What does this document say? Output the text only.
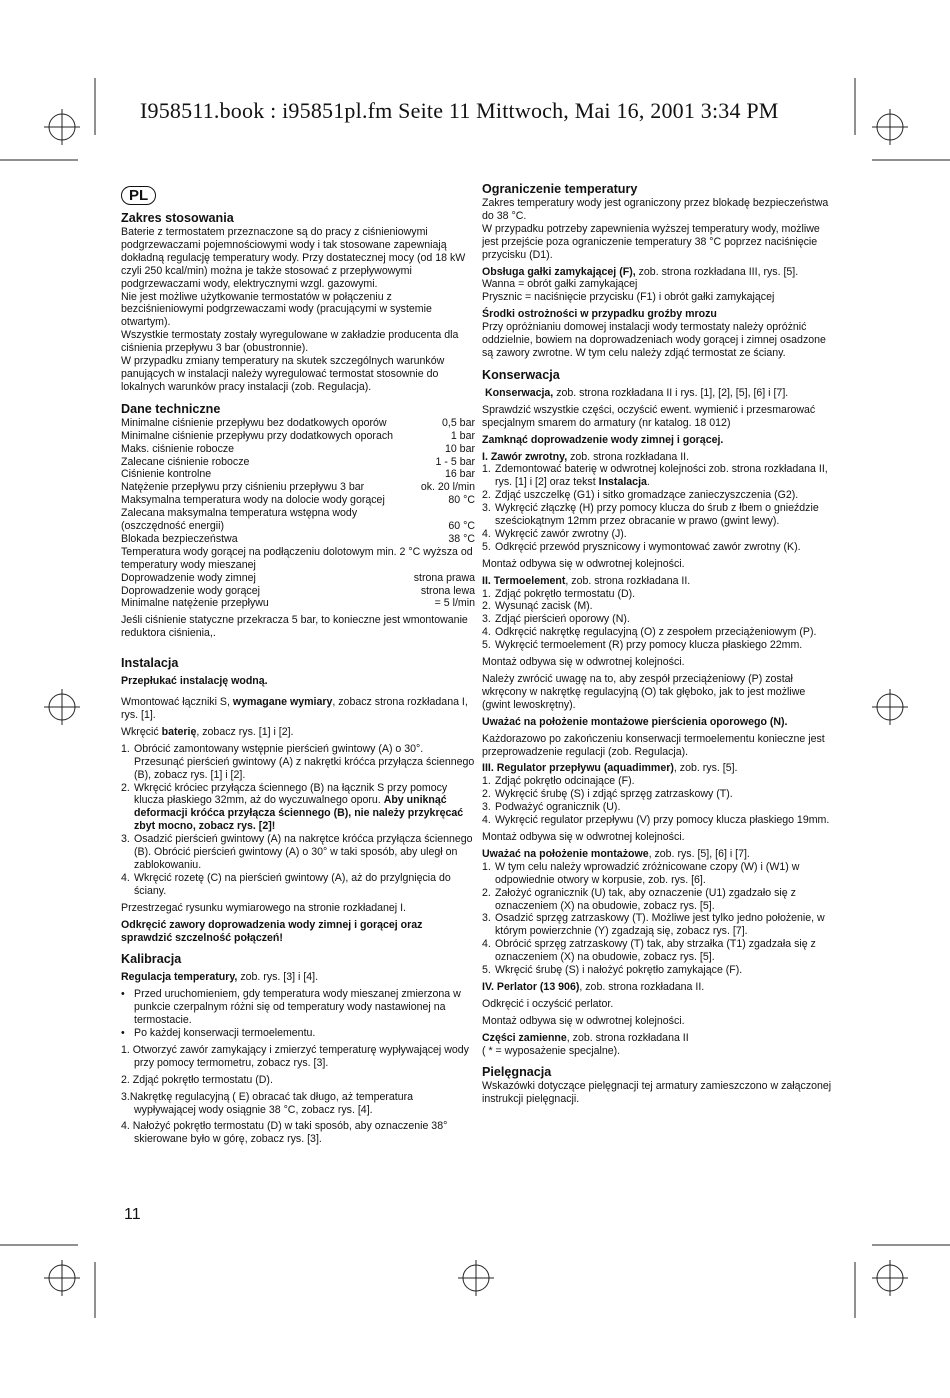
I958511.book : i95851pl.fm Seite 11 Mittwoch, Mai 16, 2001 3:34 PM
PL
Zakres stosowania

Baterie z termostatem przeznaczone są do pracy z ciśnieniowymi podgrzewaczami pojemnościowymi wody i tak stosowane zapewniają dokładną regulację temperatury wody. Przy dostatecznej mocy (od 18 kW czyli 250 kcal/min) można je także stosować z przepływowymi podgrzewaczami wody, elektrycznymi wzgl. gazowymi.

Nie jest możliwe użytkowanie termostatów w połączeniu z bezciśnieniowymi podgrzewaczami wody (pracującymi w systemie otwartym).

Wszystkie termostaty zostały wyregulowane w zakładzie producenta dla ciśnienia przepływu 3 bar (obustronnie).

W przypadku zmiany temperatury na skutek szczególnych warunków panujących w instalacji należy wyregulować termostat stosownie do lokalnych warunków pracy instalacji (zob. Regulacja).

Dane techniczne
Minimalne ciśnienie przepływu bez dodatkowych oporów	0,5 bar
Minimalne ciśnienie przepływu przy dodatkowych oporach	1 bar
Maks. ciśnienie robocze	10 bar
Zalecane ciśnienie robocze	1 - 5 bar
Ciśnienie kontrolne	16 bar
Natężenie przepływu przy ciśnieniu przepływu 3 bar	ok. 20 l/min
Maksymalna temperatura wody na dolocie wody gorącej	80 °C
Zalecana maksymalna temperatura wstępna wody (oszczędność energii)	60 °C
Blokada bezpieczeństwa	38 °C
Temperatura wody gorącej na podłączeniu dolotowym min. 2 °C wyższa od temperatury wody mieszanej
Doprowadzenie wody zimnej	strona prawa
Doprowadzenie wody gorącej	strona lewa
Minimalne natężenie przepływu	= 5 l/min

Jeśli ciśnienie statyczne przekracza 5 bar, to konieczne jest wmontowanie reduktora ciśnienia,.

Instalacja

Przepłukać instalację wodną.

Wmontować łączniki S, wymagane wymiary, zobacz strona rozkładana I, rys. [1].

Wkręcić baterię, zobacz rys. [1] i [2].

1. Obrócić zamontowany wstępnie pierścień gwintowy (A) o 30°. Przesunąć pierścień gwintowy (A) z nakrętki króćca przyłącza ściennego (B), zobacz rys. [1] i [2].
2. Wkręcić króciec przyłącza ściennego (B) na łącznik S przy pomocy klucza płaskiego 32mm, aż do wyczuwalnego oporu. Aby uniknąć deformacji króćca przyłącza ściennego (B), nie należy przykręcać zbyt mocno, zobacz rys. [2]!
3. Osadzić pierścień gwintowy (A) na nakrętce króćca przyłącza ściennego (B). Obrócić pierścień gwintowy (A) o 30° w taki sposób, aby uległ on zablokowaniu.
4. Wkręcić rozetę (C) na pierścień gwintowy (A), aż do przylgnięcia do ściany.

Przestrzegać rysunku wymiarowego na stronie rozkładanej I.

Odkręcić zawory doprowadzenia wody zimnej i gorącej oraz sprawdzić szczelność połączeń!

Kalibracja

Regulacja temperatury, zob. rys. [3] i [4].

• Przed uruchomieniem, gdy temperatura wody mieszanej zmierzona w punkcie czerpalnym różni się od temperatury wody nastawionej na termostacie.
• Po każdej konserwacji termoelementu.

1. Otworzyć zawór zamykający i zmierzyć temperaturę wypływającej wody przy pomocy termometru, zobacz rys. [3].

2. Zdjąć pokrętło termostatu (D).

3.Nakrętkę regulacyjną ( E) obracać tak długo, aż temperatura wypływającej wody osiągnie 38 °C, zobacz rys. [4].

4. Nałożyć pokrętło termostatu (D) w taki sposób, aby oznaczenie 38° skierowane było w górę, zobacz rys. [3].

Ograniczenie temperatury

Zakres temperatury wody jest ograniczony przez blokadę bezpieczeństwa do 38 °C.

W przypadku potrzeby zapewnienia wyższej temperatury wody, możliwe jest przejście poza ograniczenie temperatury 38 °C poprzez naciśnięcie przycisku (D1).

Obsługa gałki zamykającej (F), zob. strona rozkładana III, rys. [5].

Wanna = obrót gałki zamykającej

Prysznic = naciśnięcie przycisku (F1) i obrót gałki zamykającej

Środki ostrożności w przypadku groźby mrozu

Przy opróżnianiu domowej instalacji wody termostaty należy opróżnić oddzielnie, bowiem na doprowadzeniach wody gorącej i zimnej osadzone są zawory zwrotne. W tym celu należy zdjąć termostat ze ściany.

Konserwacja

Konserwacja, zob. strona rozkładana II i rys. [1], [2], [5], [6] i [7].

Sprawdzić wszystkie części, oczyścić ewent. wymienić i przesmarować specjalnym smarem do armatury (nr katalog. 18 012)

Zamknąć doprowadzenie wody zimnej i gorącej.

I. Zawór zwrotny, zob. strona rozkładana II.

1. Zdemontować baterię w odwrotnej kolejności zob. strona rozkładana II, rys. [1] i [2] oraz tekst Instalacja.
2. Zdjąć uszczelkę (G1) i sitko gromadzące zanieczyszczenia (G2).
3. Wykręcić złączkę (H) przy pomocy klucza do śrub z łbem o gnieździe sześciokątnym 12mm przez obracanie w prawo (gwint lewy).
4. Wykręcić zawór zwrotny (J).
5. Odkręcić przewód prysznicowy i wymontować zawór zwrotny (K).

Montaż odbywa się w odwrotnej kolejności.

II. Termoelement, zob. strona rozkładana II.

1. Zdjąć pokrętło termostatu (D).
2. Wysunąć zacisk (M).
3. Zdjąć pierścień oporowy (N).
4. Odkręcić nakrętkę regulacyjną (O) z zespołem przeciążeniowym (P).
5. Wykręcić termoelement (R) przy pomocy klucza płaskiego 22mm.

Montaż odbywa się w odwrotnej kolejności.

Należy zwrócić uwagę na to, aby zespół przeciążeniowy (P) został wkręcony w nakrętkę regulacyjną (O) tak głęboko, jak to jest możliwe (gwint lewoskrętny).

Uważać na położenie montażowe pierścienia oporowego (N).

Każdorazowo po zakończeniu konserwacji termoelementu konieczne jest przeprowadzenie regulacji (zob. Regulacja).

III. Regulator przepływu (aquadimmer), zob. rys. [5].

1. Zdjąć pokrętło odcinające (F).
2. Wykręcić śrubę (S) i zdjąć sprzęg zatrzaskowy (T).
3. Podważyć ogranicznik (U).
4. Wykręcić regulator przepływu (V) przy pomocy klucza płaskiego 19mm.

Montaż odbywa się w odwrotnej kolejności.

Uważać na położenie montażowe, zob. rys. [5], [6] i [7].

1. W tym celu należy wprowadzić zróżnicowane czopy (W) i (W1) w odpowiednie otwory w korpusie, zob. rys. [6].
2. Założyć ogranicznik (U) tak, aby oznaczenie (U1) zgadzało się z oznaczeniem (X) na obudowie, zobacz rys. [5].
3. Osadzić sprzęg zatrzaskowy (T). Możliwe jest tylko jedno położenie, w którym powierzchnie (Y) zgadzają się, zobacz rys. [7].
4. Obrócić sprzęg zatrzaskowy (T) tak, aby strzałka (T1) zgadzała się z oznaczeniem (X) na obudowie, zobacz rys. [5].
5. Wkręcić śrubę (S) i nałożyć pokrętło zamykające (F).

IV. Perlator (13 906), zob. strona rozkładana II.

Odkręcić i oczyścić perlator.

Montaż odbywa się w odwrotnej kolejności.

Części zamienne, zob. strona rozkładana II

( * = wyposażenie specjalne).

Pielęgnacja

Wskazówki dotyczące pielęgnacji tej armatury zamieszczono w załączonej instrukcji pielęgnacji.

11
